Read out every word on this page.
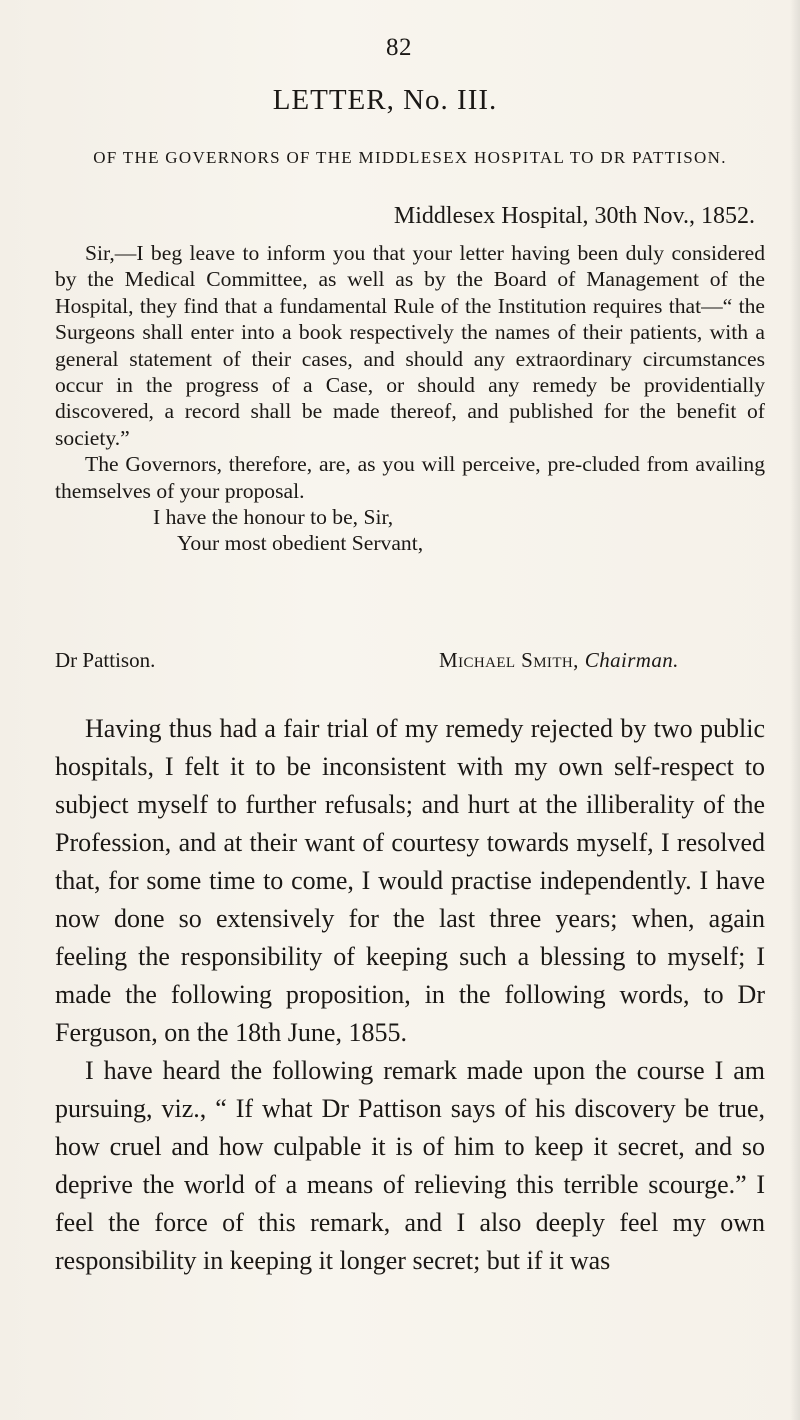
82
LETTER, No. III.
OF THE GOVERNORS OF THE MIDDLESEX HOSPITAL TO DR PATTISON.
Middlesex Hospital, 30th Nov., 1852.

Sir,—I beg leave to inform you that your letter having been duly considered by the Medical Committee, as well as by the Board of Management of the Hospital, they find that a fundamental Rule of the Institution requires that—“ the Surgeons shall enter into a book respectively the names of their patients, with a general statement of their cases, and should any extraordinary circumstances occur in the progress of a Case, or should any remedy be providentially discovered, a record shall be made thereof, and published for the benefit of society.”

The Governors, therefore, are, as you will perceive, pre-cluded from availing themselves of your proposal.

I have the honour to be, Sir,

Your most obedient Servant,

Dr Pattison.	Michael Smith, Chairman.

Having thus had a fair trial of my remedy rejected by two public hospitals, I felt it to be inconsistent with my own self-respect to subject myself to further refusals; and hurt at the illiberality of the Profession, and at their want of courtesy towards myself, I resolved that, for some time to come, I would practise independently. I have now done so extensively for the last three years; when, again feeling the responsibility of keeping such a blessing to myself; I made the following proposition, in the following words, to Dr Ferguson, on the 18th June, 1855.

I have heard the following remark made upon the course I am pursuing, viz., “ If what Dr Pattison says of his discovery be true, how cruel and how culpable it is of him to keep it secret, and so deprive the world of a means of relieving this terrible scourge.” I feel the force of this remark, and I also deeply feel my own responsibility in keeping it longer secret; but if it was
